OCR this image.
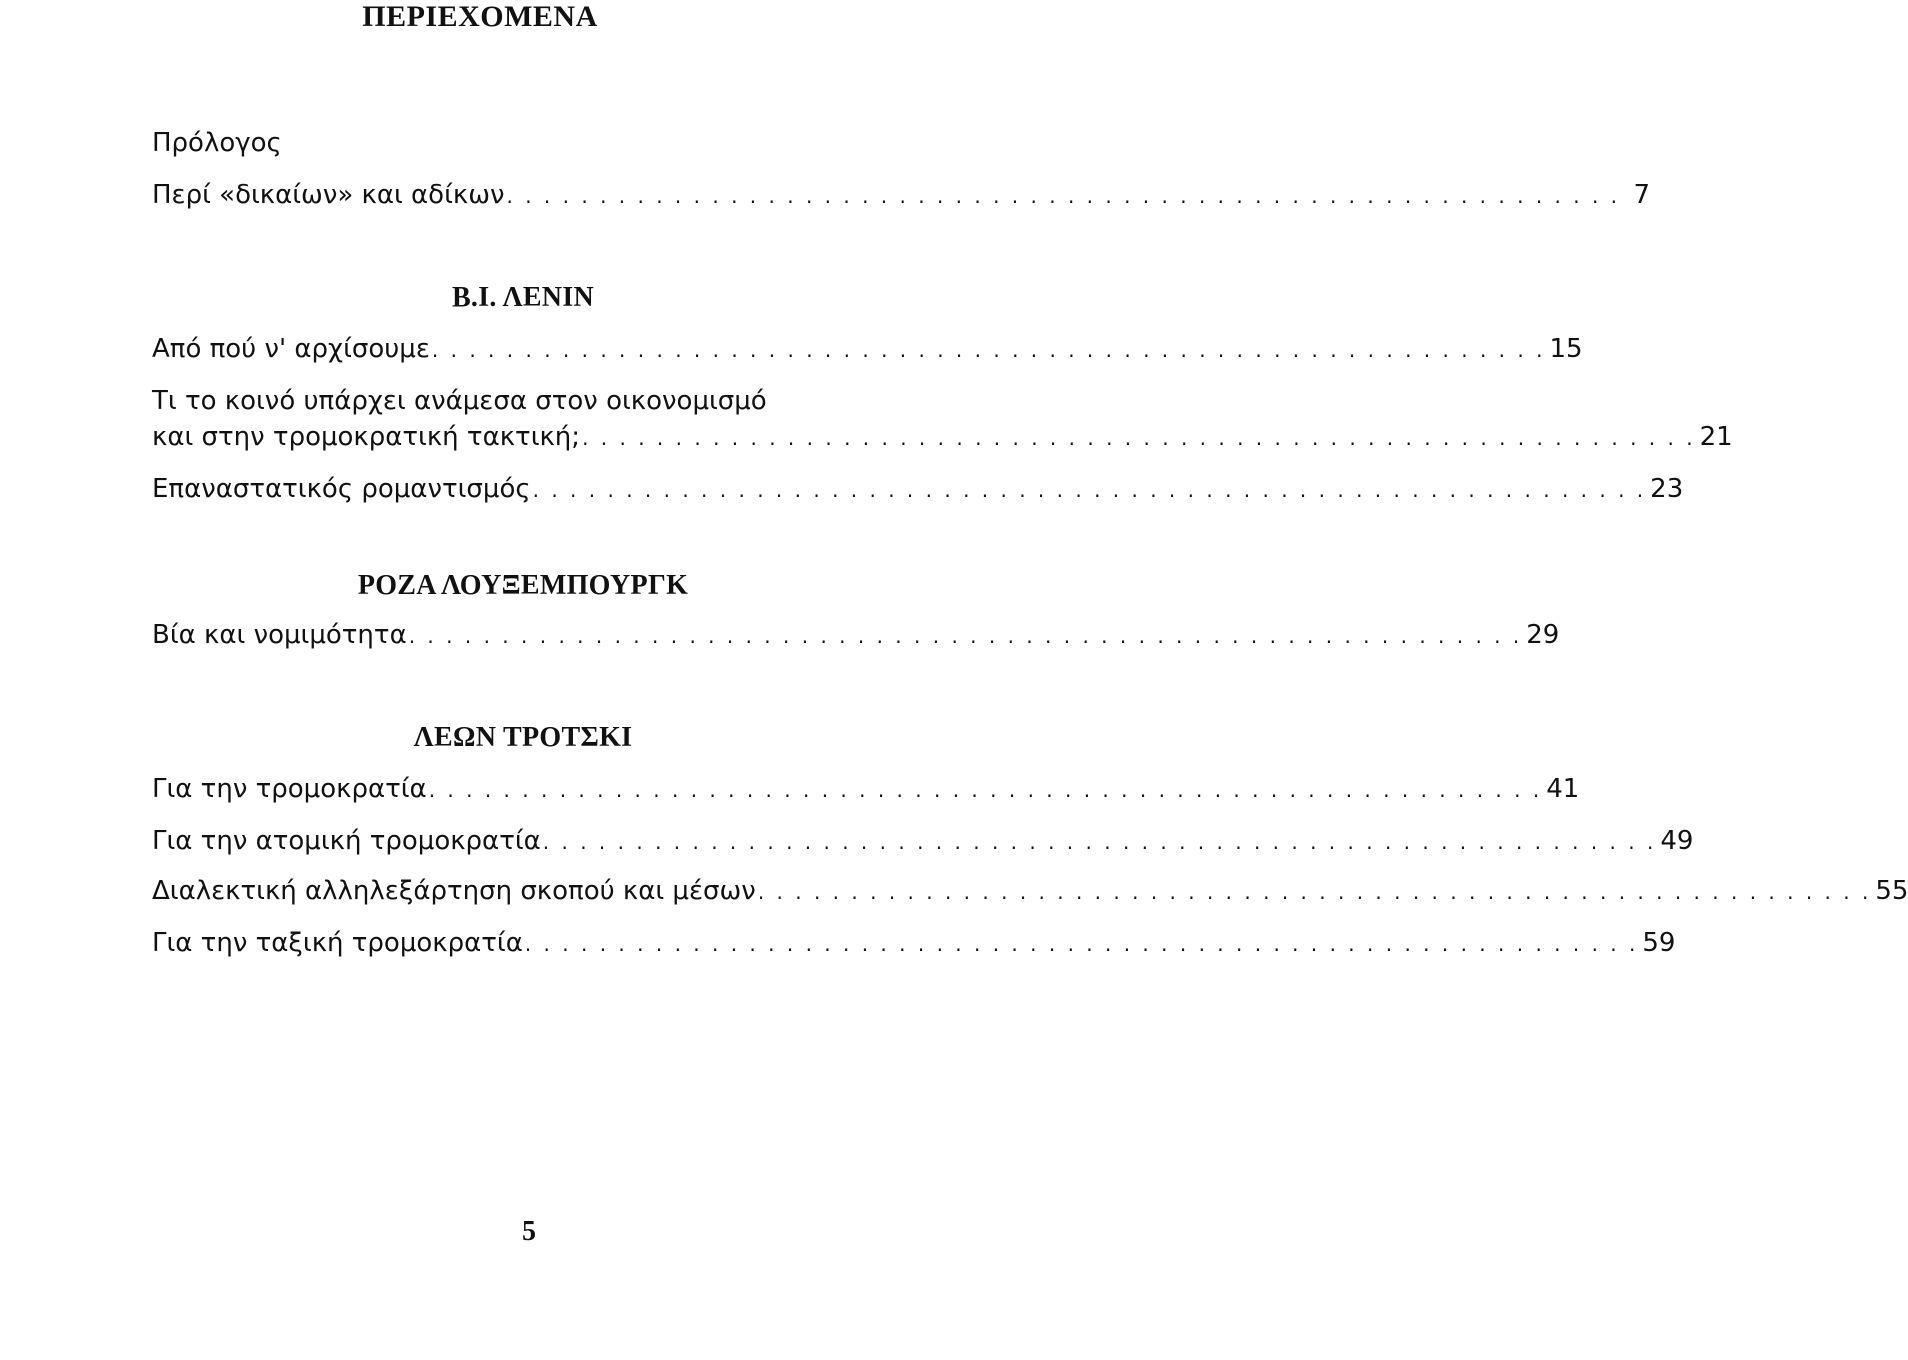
ΠΕΡΙΕΧΟΜΕΝΑ
Πρόλογος
Περί «δικαίων» και αδίκων . . . . . . . . . . . . . . . . . . . . . . . . . . . . . . . . . . . . . . . . . . . . . . . . . . . . . . . . . . . . 7
Β.Ι. ΛΕΝΙΝ
Από πού ν' αρχίσουμε . . . . . . . . . . . . . . . . . . . . . . . . . . . . . . . . . . . . . . . . . . . . . . . . . . . . . . . . . . . . 15
Τι το κοινό υπάρχει ανάμεσα στον οικονομισμό
και στην τρομοκρατική τακτική; . . . . . . . . . . . . . . . . . . . . . . . . . . . . . . . . . . . . . . . . . . . . . . . . . . . . . . . . . . . . 21
Επαναστατικός ρομαντισμός . . . . . . . . . . . . . . . . . . . . . . . . . . . . . . . . . . . . . . . . . . . . . . . . . . . . . . . . . . . . 23
ΡΟΖΑ ΛΟΥΞΕΜΠΟΥΡΓΚ
Βία και νομιμότητα . . . . . . . . . . . . . . . . . . . . . . . . . . . . . . . . . . . . . . . . . . . . . . . . . . . . . . . . . . . . 29
ΛΕΩΝ ΤΡΟΤΣΚΙ
Για την τρομοκρατία . . . . . . . . . . . . . . . . . . . . . . . . . . . . . . . . . . . . . . . . . . . . . . . . . . . . . . . . . . . . 41
Για την ατομική τρομοκρατία . . . . . . . . . . . . . . . . . . . . . . . . . . . . . . . . . . . . . . . . . . . . . . . . . . . . . . . . . . . . 49
Διαλεκτική αλληλεξάρτηση σκοπού και μέσων . . . . . . . . . . . . . . . . . . . . . . . . . . . . . . . . . . . . . . . . . . . . . . . . . . . . . . . . . . . . 55
Για την ταξική τρομοκρατία . . . . . . . . . . . . . . . . . . . . . . . . . . . . . . . . . . . . . . . . . . . . . . . . . . . . . . . . . . . . 59
5
